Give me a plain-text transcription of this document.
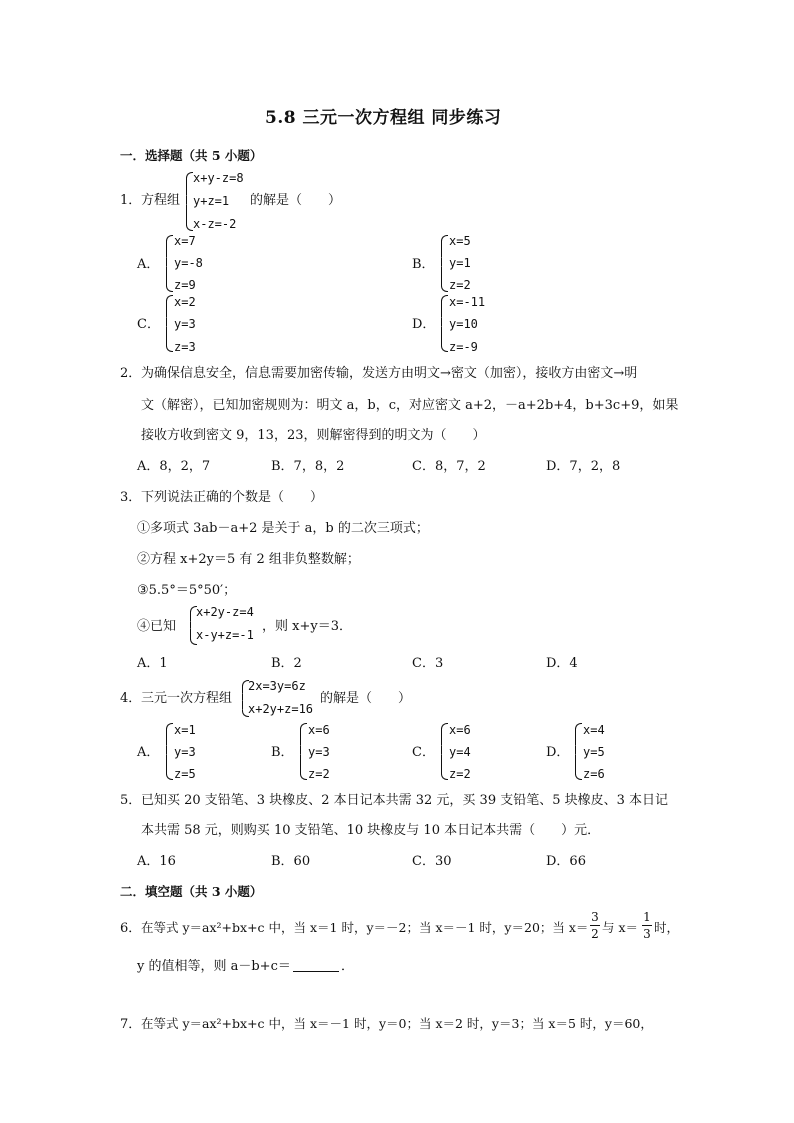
5.8 三元一次方程组 同步练习
一．选择题（共 5 小题）
1． 方程组
x+y-z=8
y+z=1
x-z=-2
的解是（　　）
A．
x=7
y=-8
z=9
B．
x=5
y=1
z=2
C．
x=2
y=3
z=3
D．
x=-11
y=10
z=-9
2． 为确保信息安全，信息需要加密传输，发送方由明文→密文（加密），接收方由密文→明
文（解密），已知加密规则为：明文 a，b，c，对应密文 a+2，－a+2b+4，b+3c+9，如果
接收方收到密文 9，13，23，则解密得到的明文为（　　）
A．8，2，7	B．7，8，2	C．8，7，2	D．7，2，8
3． 下列说法正确的个数是（　　）
①多项式 3ab－a+2 是关于 a，b 的二次三项式；
②方程 x+2y＝5 有 2 组非负整数解；
③5.5°＝5°50′；
④已知
x+2y-z=4
x-y+z=-1
，则 x+y＝3．
A．1	B．2	C．3	D．4
4． 三元一次方程组
2x=3y=6z
x+2y+z=16
的解是（　　）
A．
x=1
y=3
z=5
B．
x=6
y=3
z=2
C．
x=6
y=4
z=2
D．
x=4
y=5
z=6
5． 已知买 20 支铅笔、3 块橡皮、2 本日记本共需 32 元，买 39 支铅笔、5 块橡皮、3 本日记
本共需 58 元，则购买 10 支铅笔、10 块橡皮与 10 本日记本共需（　　）元．
A．16	B．60	C．30	D．66
二．填空题（共 3 小题）
6． 在等式 y＝ax²+bx+c 中，当 x＝1 时，y＝－2；当 x＝－1 时，y＝20；当 x＝
3
2 与 x＝
1
3 时，
y 的值相等，则 a－b+c＝	．
7． 在等式 y＝ax²+bx+c 中，当 x＝－1 时，y＝0；当 x＝2 时，y＝3；当 x＝5 时，y＝60，
